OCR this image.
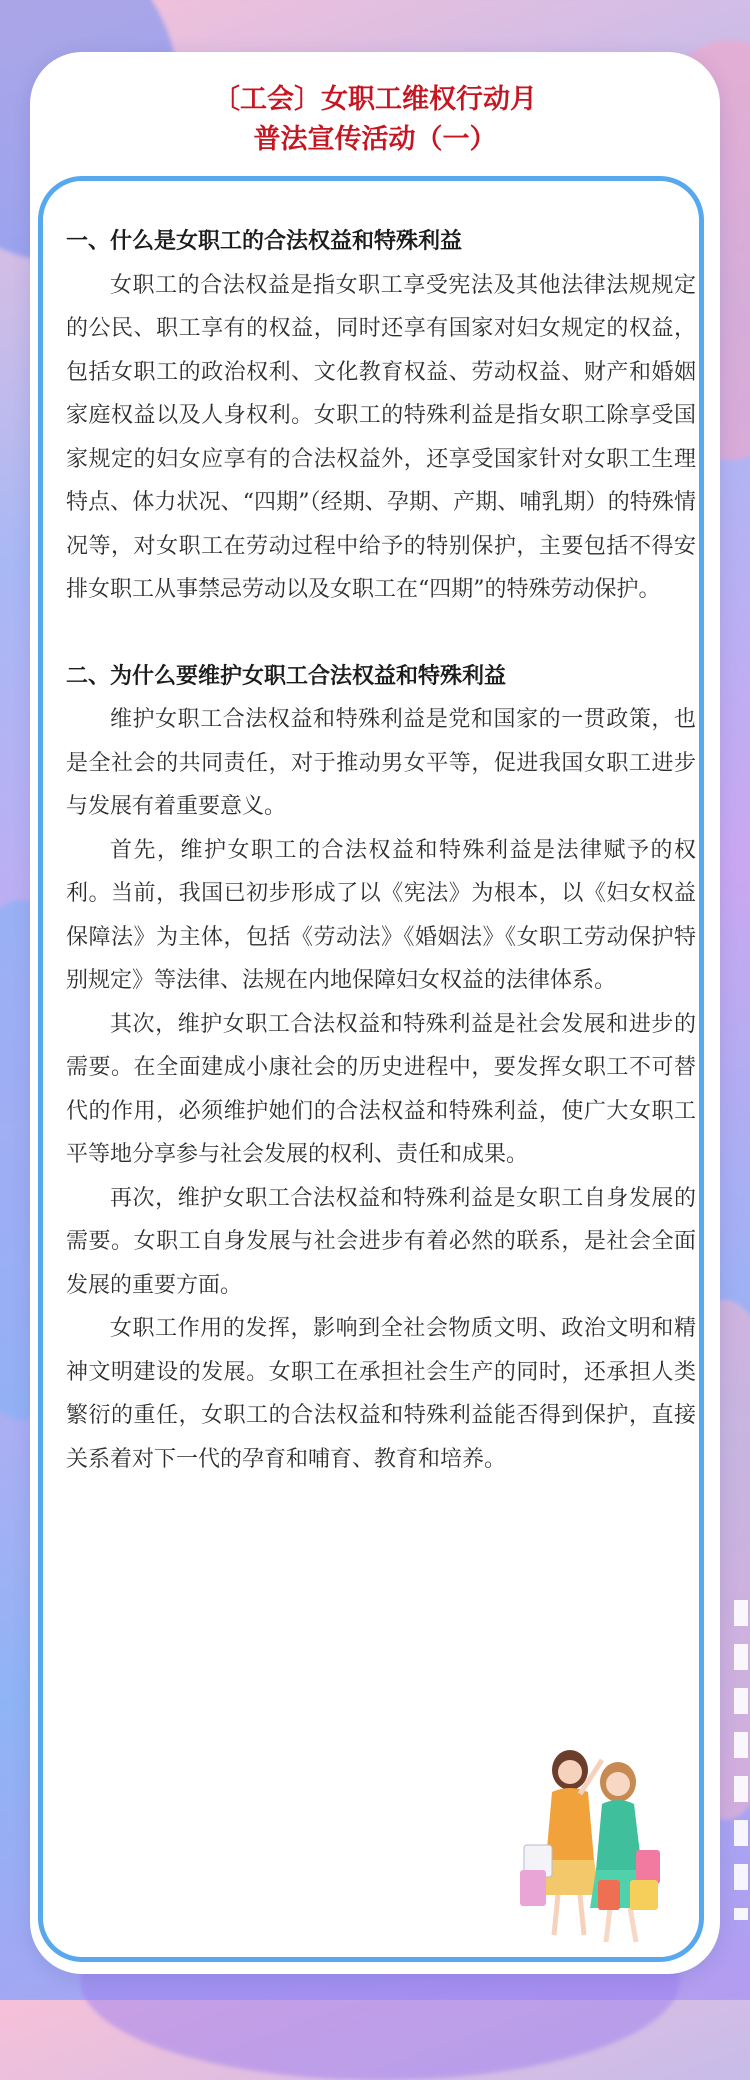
〔工会〕女职工维权行动月
普法宣传活动（一）

一、什么是女职工的合法权益和特殊利益

女职工的合法权益是指女职工享受宪法及其他法律法规规定的公民、职工享有的权益，同时还享有国家对妇女规定的权益，包括女职工的政治权利、文化教育权益、劳动权益、财产和婚姻家庭权益以及人身权利。女职工的特殊利益是指女职工除享受国家规定的妇女应享有的合法权益外，还享受国家针对女职工生理特点、体力状况、“四期”（经期、孕期、产期、哺乳期）的特殊情况等，对女职工在劳动过程中给予的特别保护，主要包括不得安排女职工从事禁忌劳动以及女职工在“四期”的特殊劳动保护。

二、为什么要维护女职工合法权益和特殊利益

维护女职工合法权益和特殊利益是党和国家的一贯政策，也是全社会的共同责任，对于推动男女平等，促进我国女职工进步与发展有着重要意义。

首先，维护女职工的合法权益和特殊利益是法律赋予的权利。当前，我国已初步形成了以《宪法》为根本，以《妇女权益保障法》为主体，包括《劳动法》《婚姻法》《女职工劳动保护特别规定》等法律、法规在内地保障妇女权益的法律体系。

其次，维护女职工合法权益和特殊利益是社会发展和进步的需要。在全面建成小康社会的历史进程中，要发挥女职工不可替代的作用，必须维护她们的合法权益和特殊利益，使广大女职工平等地分享参与社会发展的权利、责任和成果。

再次，维护女职工合法权益和特殊利益是女职工自身发展的需要。女职工自身发展与社会进步有着必然的联系，是社会全面发展的重要方面。

女职工作用的发挥，影响到全社会物质文明、政治文明和精神文明建设的发展。女职工在承担社会生产的同时，还承担人类繁衍的重任，女职工的合法权益和特殊利益能否得到保护，直接关系着对下一代的孕育和哺育、教育和培养。
